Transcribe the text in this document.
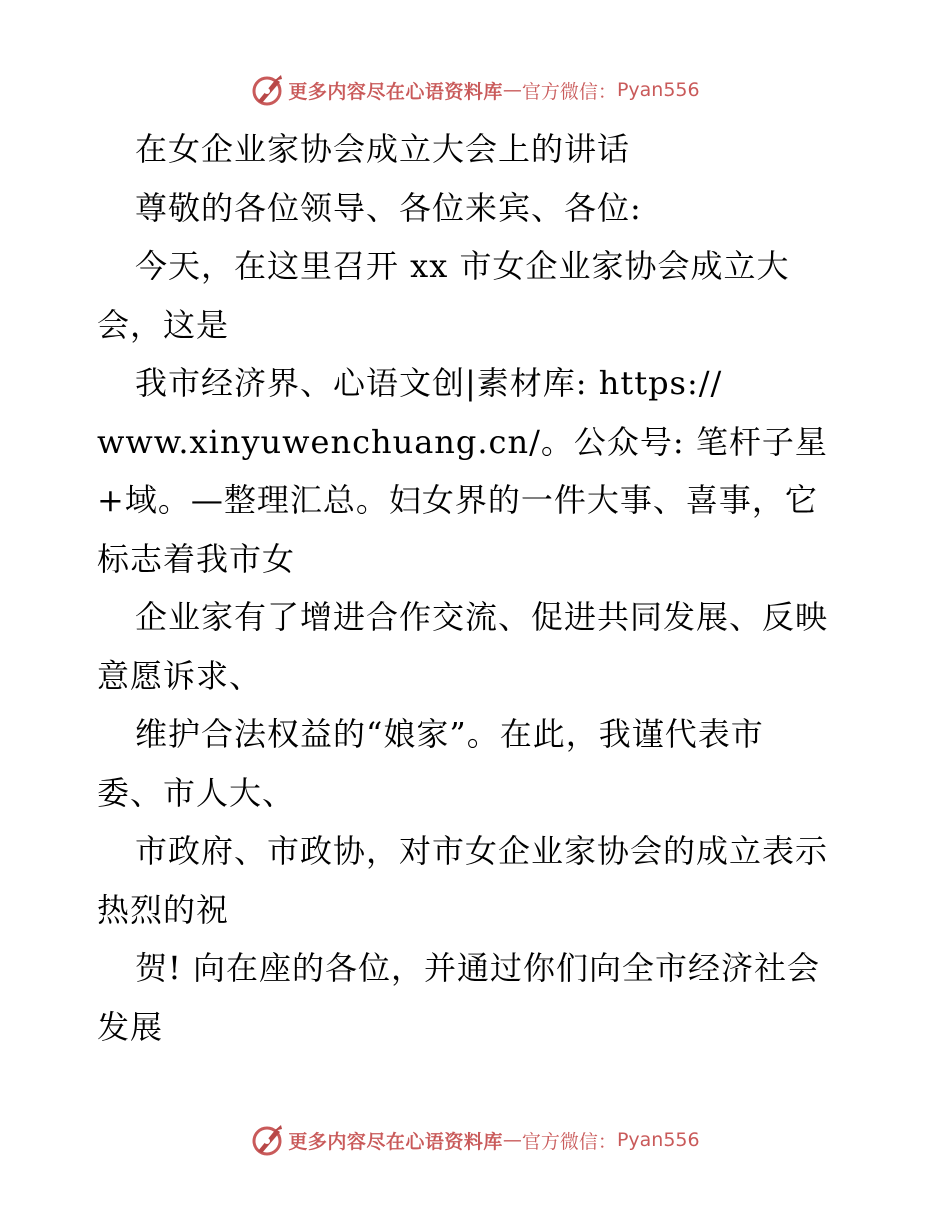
更多内容尽在心语资料库 — 官方微信： Pyan556
在女企业家协会成立大会上的讲话
尊敬的各位领导、各位来宾、各位:
今天，在这里召开 xx 市女企业家协会成立大
会，这是
我市经济界、心语文创|素材库: https://
www.xinyuwenchuang.cn/。公众号: 笔杆子星
+域。—整理汇总。妇女界的一件大事、喜事，它
标志着我市女
企业家有了增进合作交流、促进共同发展、反映
意愿诉求、
维护合法权益的“娘家”。在此，我谨代表市
委、市人大、
市政府、市政协，对市女企业家协会的成立表示
热烈的祝
贺! 向在座的各位，并通过你们向全市经济社会
发展
更多内容尽在心语资料库 — 官方微信： Pyan556
